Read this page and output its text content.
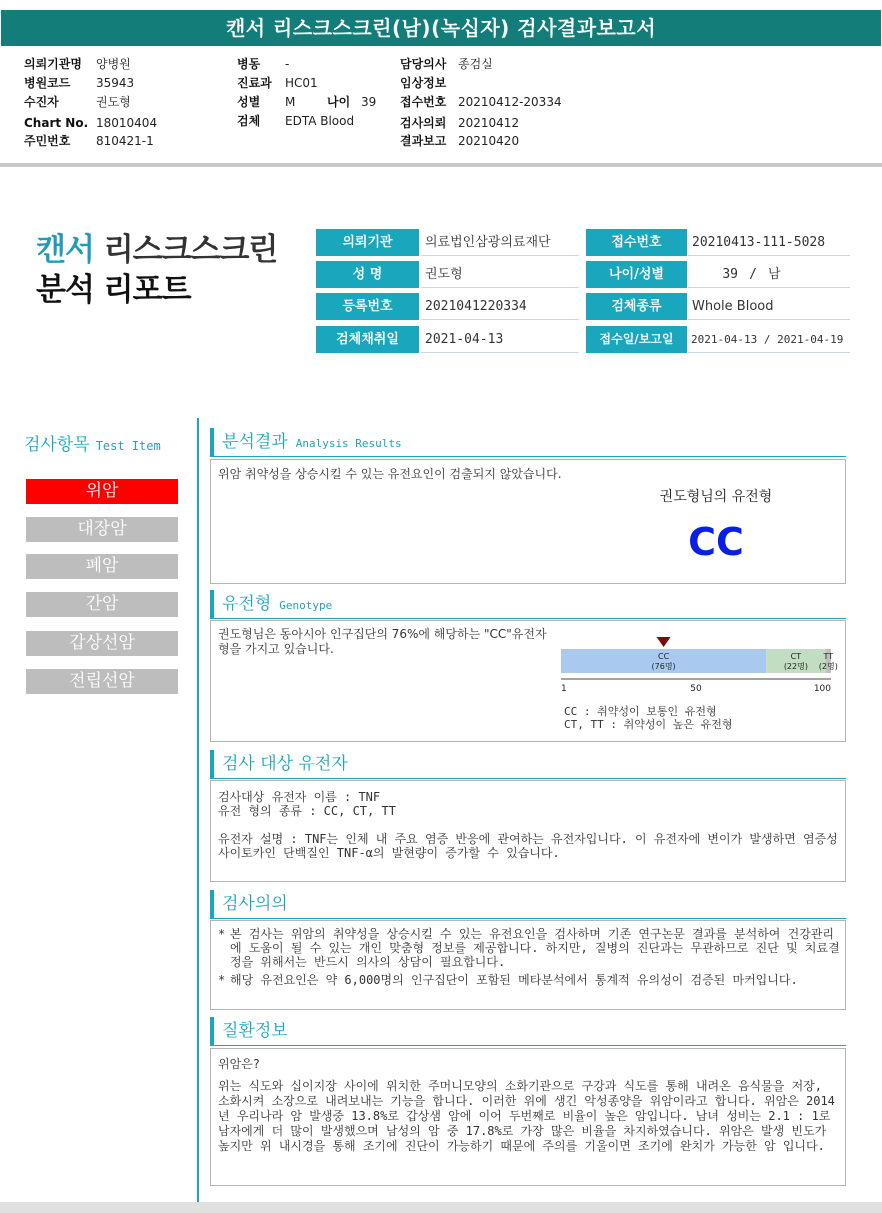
캔서 리스크스크린(남)(녹십자) 검사결과보고서
의뢰기관명 양병원
병원코드 35943
수진자	권도형
Chart No. 18010404
주민번호 810421-1
병동 -
진료과 HC01
성별 M	나이 39
검체 EDTA Blood
담당의사 종검실
임상정보
접수번호 20210412-20334
검사의뢰 20210412
결과보고 20210420
캔서 리스크스크린
분석 리포트
의뢰기관	의료법인삼광의료재단
성 명	권도형
등록번호	2021041220334
검체채취일	2021-04-13
접수번호	20210413-111-5028
나이/성별	39 / 남
검체종류	Whole Blood
접수일/보고일	2021-04-13 / 2021-04-19
검사항목 Test Item
위암
대장암
폐암
간암
갑상선암
전립선암
분석결과 Analysis Results
위암 취약성을 상승시킬 수 있는 유전요인이 검출되지 않았습니다.
권도형님의 유전형
CC
유전형 Genotype
권도형님은 동아시아 인구집단의 76%에 해당하는 "CC"유전자형을 가지고 있습니다.
CC
(76명)
CT
(22명)
TT
(2명)
1	50	100
CC : 취약성이 보통인 유전형
CT, TT : 취약성이 높은 유전형
검사 대상 유전자
검사대상 유전자 이름 : TNF
유전 형의 종류 : CC, CT, TT
유전자 설명 : TNF는 인체 내 주요 염증 반응에 관여하는 유전자입니다. 이 유전자에 변이가 발생하면 염증성 사이토카인 단백질인 TNF-α의 발현량이 증가할 수 있습니다.
검사의의
* 본 검사는 위암의 취약성을 상승시킬 수 있는 유전요인을 검사하며 기존 연구논문 결과를 분석하여 건강관리에 도움이 될 수 있는 개인 맞춤형 정보를 제공합니다. 하지만, 질병의 진단과는 무관하므로 진단 및 치료결정을 위해서는 반드시 의사의 상담이 필요합니다.
* 해당 유전요인은 약 6,000명의 인구집단이 포함된 메타분석에서 통계적 유의성이 검증된 마커입니다.
질환정보
위암은?
위는 식도와 십이지장 사이에 위치한 주머니모양의 소화기관으로 구강과 식도를 통해 내려온 음식물을 저장, 소화시켜 소장으로 내려보내는 기능을 합니다. 이러한 위에 생긴 악성종양을 위암이라고 합니다. 위암은 2014년 우리나라 암 발생중 13.8%로 갑상샘 암에 이어 두번째로 비율이 높은 암입니다. 남녀 성비는 2.1 : 1로 남자에게 더 많이 발생했으며 남성의 암 중 17.8%로 가장 많은 비율을 차지하였습니다. 위암은 발생 빈도가 높지만 위 내시경을 통해 조기에 진단이 가능하기 때문에 주의를 기울이면 조기에 완치가 가능한 암 입니다.
